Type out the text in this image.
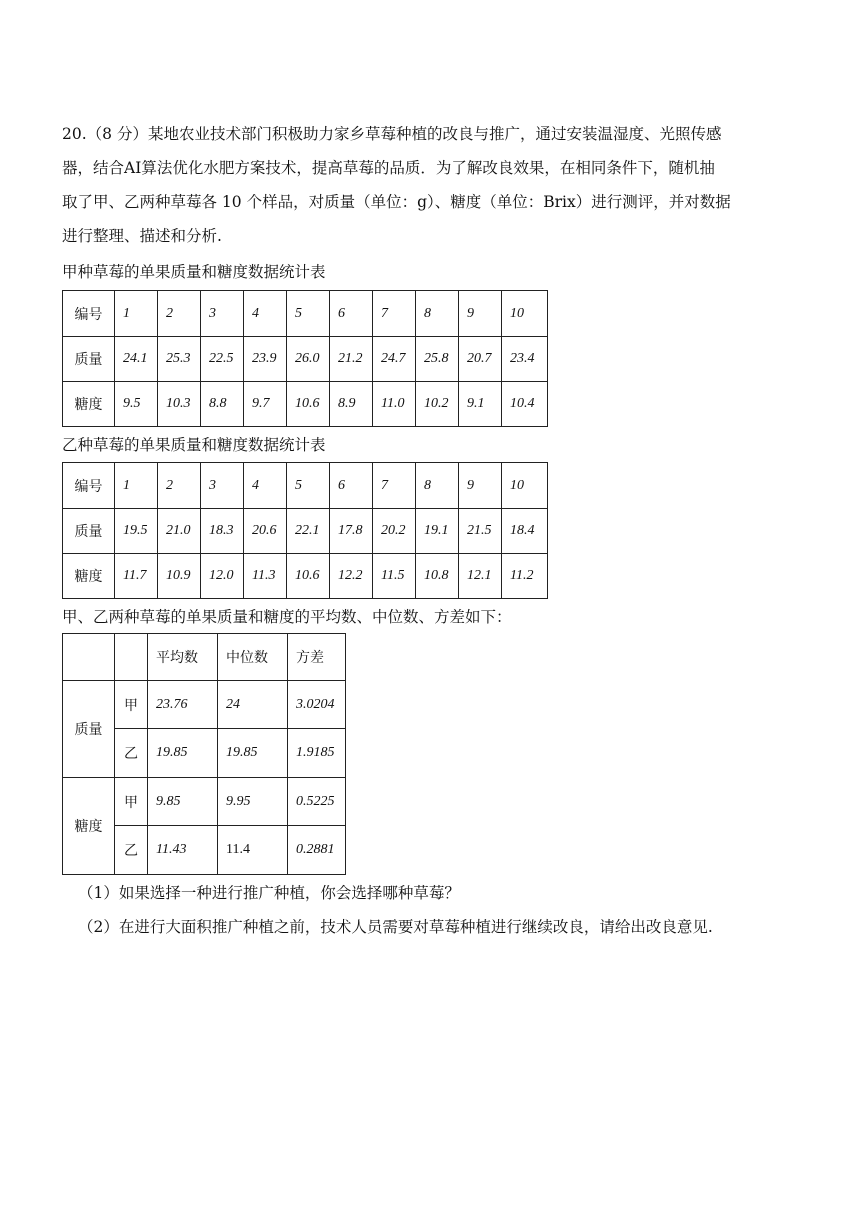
20.（8 分）某地农业技术部门积极助力家乡草莓种植的改良与推广，通过安装温湿度、光照传感
器，结合AI算法优化水肥方案技术，提高草莓的品质．为了解改良效果，在相同条件下，随机抽
取了甲、乙两种草莓各 10 个样品，对质量（单位：g）、糖度（单位：Brix）进行测评，并对数据
进行整理、描述和分析.
甲种草莓的单果质量和糖度数据统计表
编号	1	2	3	4	5	6	7	8	9	10
质量	24.1	25.3	22.5	23.9	26.0	21.2	24.7	25.8	20.7	23.4
糖度	9.5	10.3	8.8	9.7	10.6	8.9	11.0	10.2	9.1	10.4
乙种草莓的单果质量和糖度数据统计表
编号	1	2	3	4	5	6	7	8	9	10
质量	19.5	21.0	18.3	20.6	22.1	17.8	20.2	19.1	21.5	18.4
糖度	11.7	10.9	12.0	11.3	10.6	12.2	11.5	10.8	12.1	11.2
甲、乙两种草莓的单果质量和糖度的平均数、中位数、方差如下：
		平均数	中位数	方差
质量	甲	23.76	24	3.0204
	乙	19.85	19.85	1.9185
糖度	甲	9.85	9.95	0.5225
	乙	11.43	11.4	0.2881
（1）如果选择一种进行推广种植，你会选择哪种草莓？
（2）在进行大面积推广种植之前，技术人员需要对草莓种植进行继续改良，请给出改良意见.
